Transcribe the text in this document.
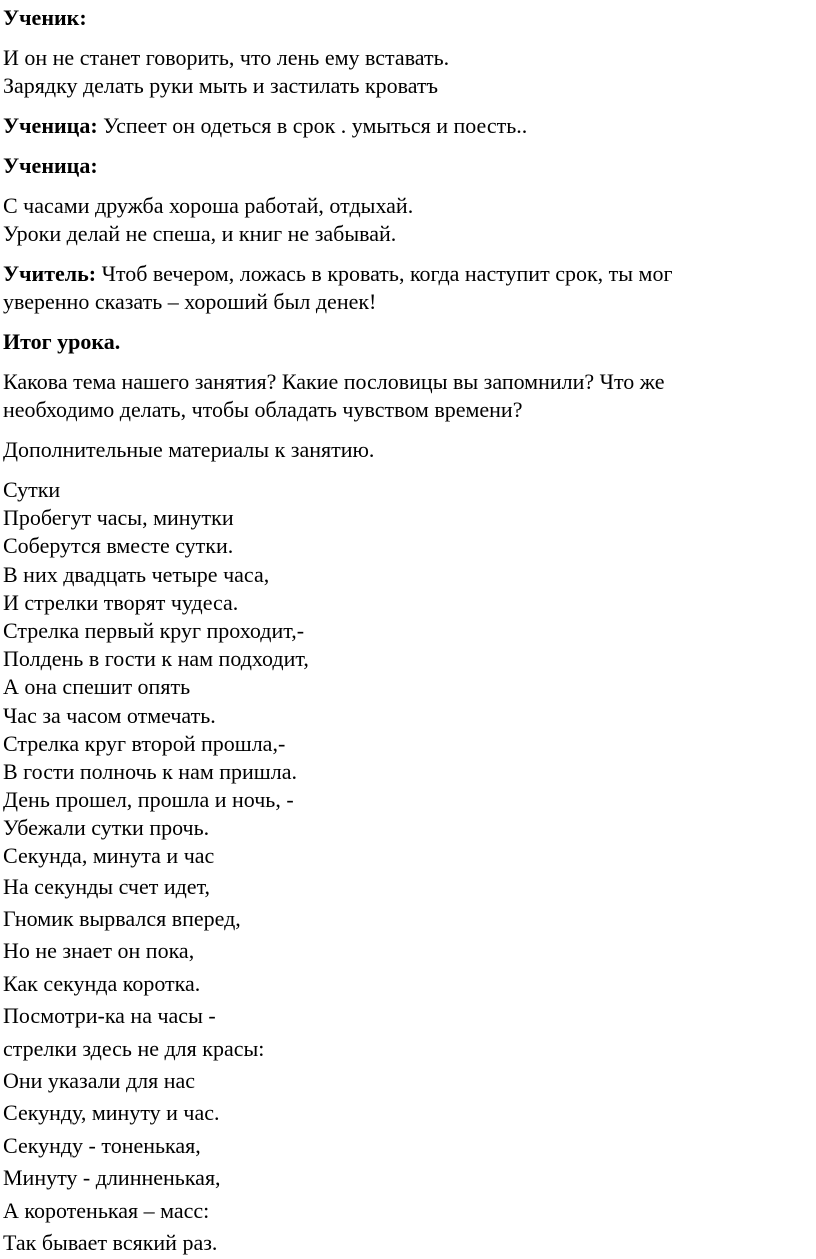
Ученик:
И он не станет говорить, что лень ему вставать.
Зарядку делать руки мыть и застилать кроватъ
Ученица: Успеет он одеться в срок . умыться и поесть..
Ученица:
С часами дружба хороша работай, отдыхай.
Уроки делай не спеша, и книг не забывай.
Учитель: Чтоб вечером, ложась в кровать, когда наступит срок, ты мог
уверенно сказать – хороший был денек!
Итог урока.
Какова тема нашего занятия? Какие пословицы вы запомнили? Что же
необходимо делать, чтобы обладать чувством времени?
Дополнительные материалы к занятию.
Сутки
Пробегут часы, минутки
Соберутся вместе сутки.
В них двадцать четыре часа,
И стрелки творят чудеса.
Стрелка первый круг проходит,-
Полдень в гости к нам подходит,
А она спешит опять
Час за часом отмечать.
Стрелка круг второй прошла,-
В гости полночь к нам пришла.
День прошел, прошла и ночь, -
Убежали сутки прочь.
Секунда, минута и час
На секунды счет идет,
Гномик вырвался вперед,
Но не знает он пока,
Как секунда коротка.
Посмотри-ка на часы -
стрелки здесь не для красы:
Они указали для нас
Секунду, минуту и час.
Секунду - тоненькая,
Минуту - длинненькая,
А коротенькая – масс:
Так бывает всякий раз.
